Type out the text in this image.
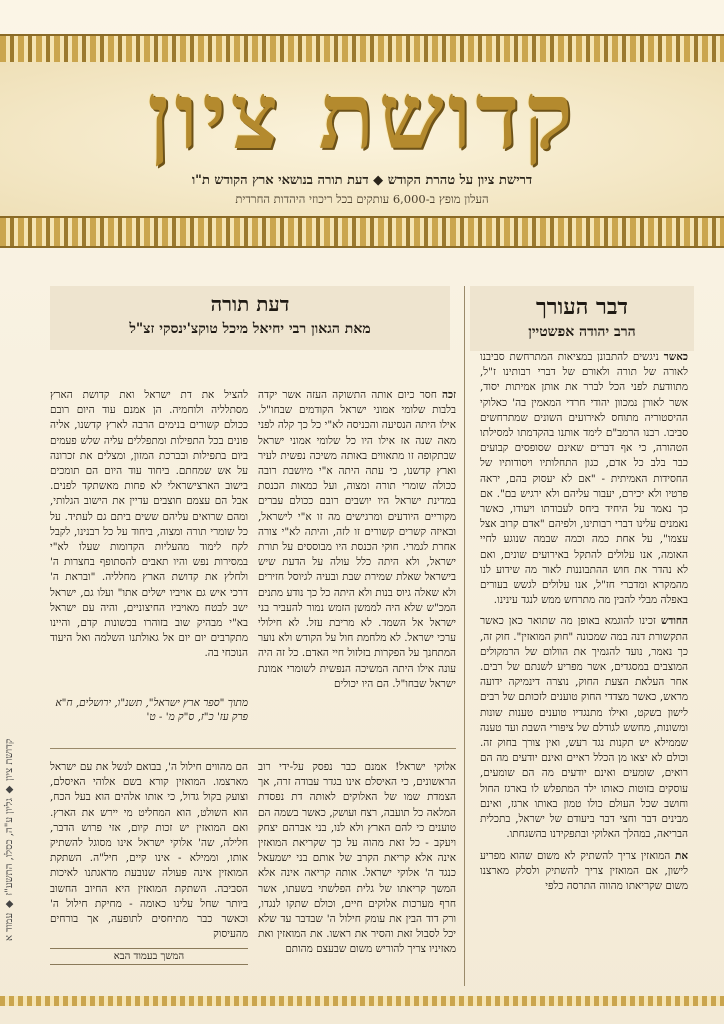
קדושת ציון
דרישת ציון על טהרת הקודש ◆ דעת תורה בנושאי ארץ הקודש ת"ו
העלון מופץ ב-6,000 עותקים בכל ריכוזי היהדות החרדית
דבר העורך
הרב יהודה אפשטיין

כאשר ניגשים להתבונן במציאות המתרחשת סביבנו לאורה של תורה ולאורם של דברי רבותינו ז"ל, מתוודעת לפני הכל לברר את אותן אמיתות יסוד, אשר לאורן נמכוון יהודי חרדי המאמין בה' כאלוקי ההיסטוריה מתוחס לאירועים השונים שמתרחשים סביבו. רבנו הרמב"ם לימד אותנו בהקדמתו למסילתו הטהורה, כי אף דברים שאינם שסופסים קבועים כבר בלב כל אדם, כגון התחלותיו ויסודותיו של החסידות האמיתית - "אם לא יעסוק בהם, יראה פרטיו ולא יכירם, יעבור עליהם ולא ירגיש בם". אם כך נאמר על היחיד ביחס לעבודתו ויעודו, כאשר נאמנים עלינו דברי רבותינו, ולפיהם "אדם קרוב אצל עצמו", על אחת כמה וכמה שבמה שנוגע לחיי האומה, אנו עלולים להתקל באירועים שונים, ואם לא נהדר את חוש ההתבוננות לאור מה שידוע לנו מהמקרא ומדברי חז"ל, אנו עלולים לגשש בעורים באפלה מבלי להבין מה מתרחש ממש לנגד עינינו.

החודש זכינו להוגמא באופן מה שתואר כאן כאשר התקשורת דנה במה שמכונה "חוק המואזין". חוק זה, כך נאמר, נועד להגמיך את הוולום של הרמקולים המוצבים במסגדים, אשר מפריע לשנתם של רבים. אחר העלאת הצעת החוק, נוצרה דינמיקה ידועה מראש, כאשר מצדדי החוק טוענים לזכותם של רבים לישון בשקט, ואילו מתנגדיו טוענים טענות שונות ומשונות, מחשש לגודלם של ציפורי השבת ועד טענה שממילא יש תקנות נגד רעש, ואין צורך בחוק זה. וכולם לא יצאו מן הכלל ראיים ואינם יודעים מה הם רואים, שומעים ואינם יודעים מה הם שומעים, עוסקים בזוטות כאותו ילד המתפלש לו בארגז החול וחושב שכל העולם כולו טמון באותו ארגז, ואינם מבינים דבר וחצי דבר ביעודם של ישראל, בתכלית הבריאה, במהלך האלוקי ובתפקידנו בהשגחתו.

את המואזין צריך להשתיק לא משום שהוא מפריע לישון, אם המואזין צריך להשתיק ולסלק מארצנו משום שקריאתו מהווה התרסה כלפי

דעת תורה
מאת הגאון רבי יחיאל מיכל טוקצ'ינסקי זצ"ל

זכה חסר כיום אותה התשוקה העזה אשר יקדה בלבות שלומי אמוני ישראל הקודמים שבחו"ל. אילו היתה הנסיעה והכניסה לא"י כל כך קלה לפני מאה שנה אז אילו היו כל שלומי אמוני ישראל שבתקופה זו מתאווים באותה משיכה נפשית לעיר וארץ קדשנו, כי עתה היתה א"י מיושבת רובה ככולה שומרי תורה ומצוה, ועל כמאות הכנסת במדינת ישראל היו יושבים רובם ככולם עברים מקוריים היודעים ומרגישים מה זו א"י לישראל, ובאיזה קשרים קשורים זו לזה, והיתה לא"י צורה אחרת לגמרי. חוקי הכנסת היו מבוססים על תורת ישראל, ולא היתה כלל עולה על הדעת שיש בישראל שאלת שמירת שבת ובעיה לגיוסל חזירים ולא שאלה גיוס בנות ולא היתה כל כך נודע מתנים המכ"ש שלא היה לממשן הזמש נמור להעביר בני ישראל אל השמד. לא מריבת עזל. לא חילולי ערכי ישראל. לא מלחמת חול על הקודש ולא נוער המתחנך על הפקרות בזלזול חיי האדם. כל זה היה עונה אילו היתה המשיכה הנפשית לשומרי אמונת ישראל שבחו"ל. הם היו יכולים

להציל את דת ישראל ואת קדושת הארץ מסתלליה ולוחמיה. הן אמנם עוד היום רובם ככולם קשורים בנימים הרבה לארץ קדשנו, אליה פונים בכל התפילות ומתפללים עליה שלש פעמים ביום בתפילות ובברכת המזון, ומצלים את זכרונה על אש שמחתם. ביחוד עוד היום הם תומכים בישוב הארצישראלי לא פחות מאשתקד לפנים. אבל הם עצמם חוצבים עדיין את הישוב הגלותי, ומהם שרואים עליהם ששים ביתם גם לעתיד. על כל שומרי תורה ומצוה, ביחוד על כל רבנינו, לקבל לקח לימוד מהעליות הקדומות שעלו לא"י במסירות נפש והיו תאבים להסתופף בחצרות ה' ולחלץ את קדושת הארץ מחלליה. "ובראת ה' דרכי איש גם אויביו ישלים אתו" ועלו גם, ישראל ישב לבטח מאויביו החיצוניים, והיה עם ישראל בא"י מבהיק שוב בזוהרו בכשונות קדם, והיינו מתקרבים יום יום אל גאולתנו השלמה ואל היעוד הנוכחי בה.

מתוך "ספר ארץ ישראל", תשנ"ו, ירושלים, ח"א פרק עז' כ"ז, ס"ק מ' - ט'

אלוקי ישראל! אמנם כבר נפסק על-ידי רוב הראשונים, כי האיסלם אינו בגדר עבודה זרה, אך הצמדת שמו של האלוקים לאותה דת נפסדת המלאה כל תועבה, רצח ועושק, כאשר בשמה הם טוענים כי להם הארץ ולא לנו, בני אברהם יצחק ויעקב - כל זאת מהוה על כך שקריאת המואזין אינה אלא קריאת הקרב של אותם בני ישמעאל כנגד ה' אלוקי ישראל. אותה קריאה אינה אלא המשך קריאתו של גלית הפלשתי בשעתו, אשר חרף מערכות אלוקים חיים, וכולם שתקו לנגדו, ורק דוד הבין את עומק חילול ה' שבדבר עד שלא יכל לסבול זאת והסיר את ראשו. את המואזין ואת מאזיניו צריך להוריש משום שבעצם מהותם

הם מהווים חילול ה', בבואם לנשל את עם ישראל מארצמו. המואזין קורא בשם אלוהי האיסלם, וצועק בקול גדול, כי אותו אלהים הוא בעל הכח, הוא השולט, הוא המחליט מי יירש את הארץ. ואם המואזין יש זכות קיום, אזי פרוש הדבר, חלילה, שה' אלוקי ישראל אינו מסוגל להשתיק אותו, וממילא - אינו קיים, חיל"ה. השתקת המואזין אינה פעולה שנובעת מדאגתנו לאיכות הסביבה. השתקת המואזין היא החיוב החשוב ביותר שחל עלינו כאומה - מחיקת חילול ה' וכאשר כבר מתיחסים לתופעה, אך בורחים מהעיסוק

המשך בעמוד הבא
קדושת ציון ◆ גליון ע"ה, כסלו, התשע"ז ◆ עמוד א
